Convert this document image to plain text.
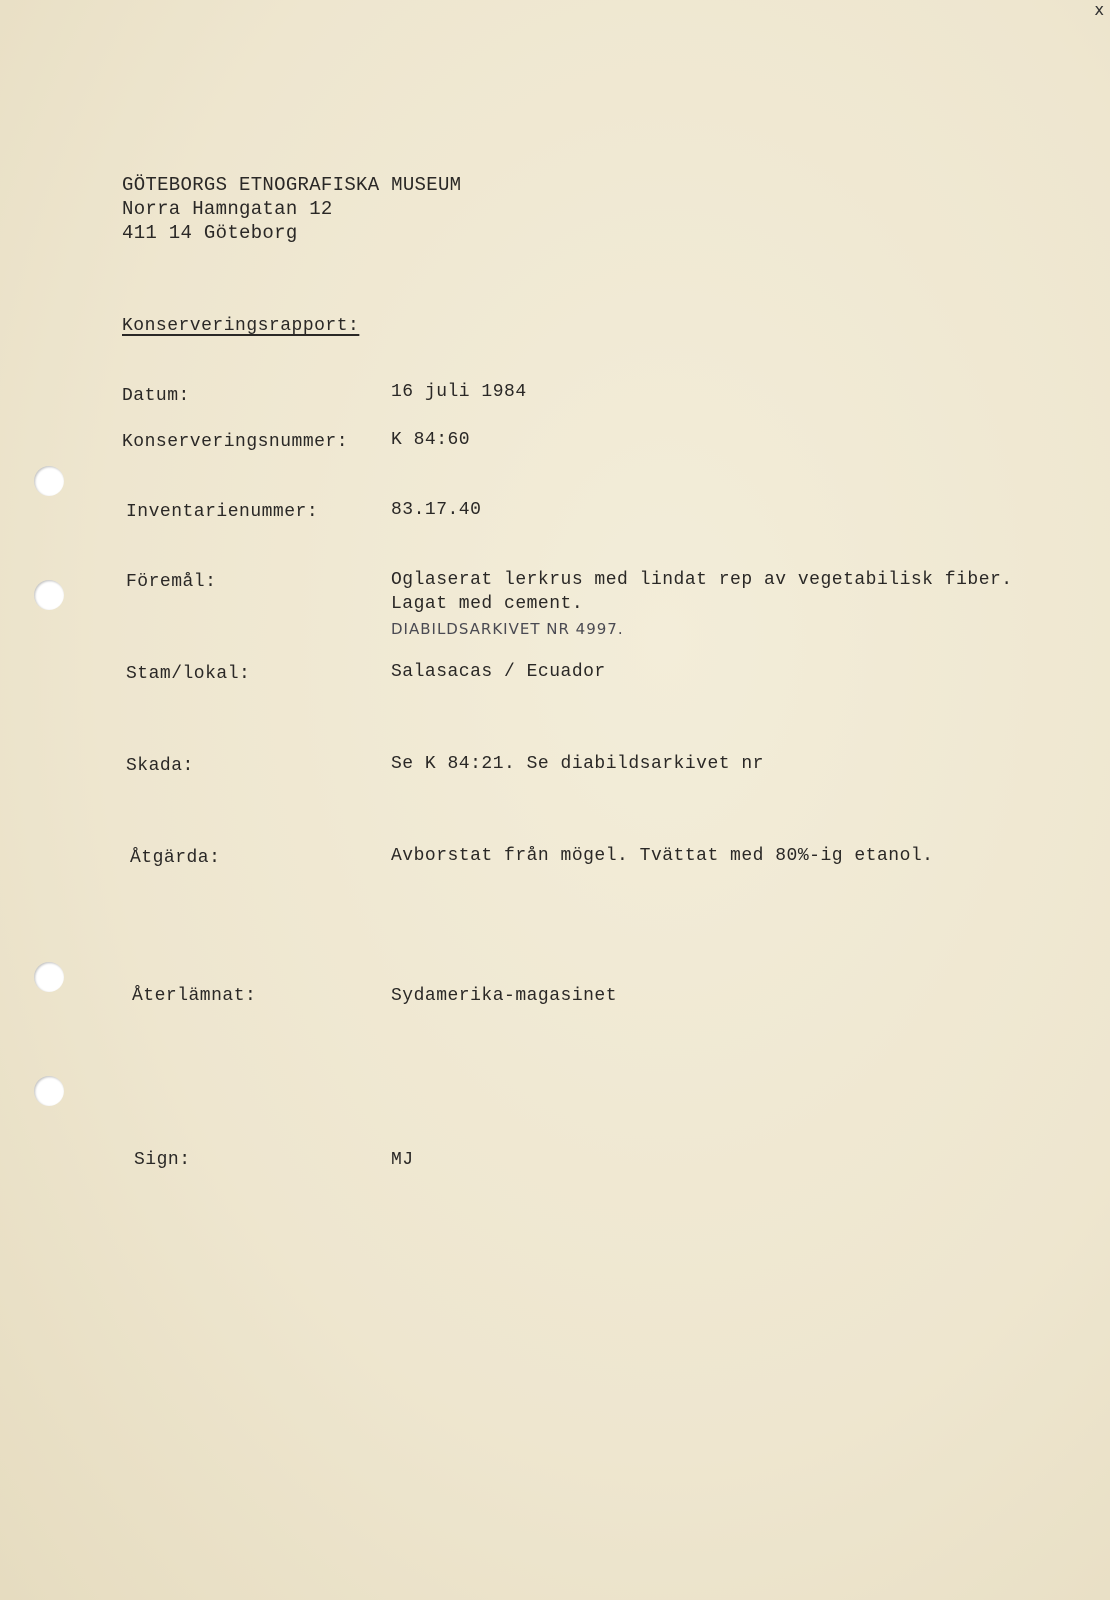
x
GÖTEBORGS ETNOGRAFISKA MUSEUM
Norra Hamngatan 12
411 14 Göteborg
Konserveringsrapport:
Datum:	16 juli 1984
Konserveringsnummer: K 84:60
Inventarienummer:	83.17.40
Föremål:	Oglaserat lerkrus med lindat rep av vegetabilisk fiber.
Lagat med cement.
DIABILDSARKIVET NR 4997.
Stam/lokal:	Salasacas / Ecuador
Skada:	Se K 84:21. Se diabildsarkivet nr
Åtgärda:	Avborstat från mögel. Tvättat med 80%-ig etanol.
Återlämnat:	Sydamerika-magasinet
Sign:	MJ
